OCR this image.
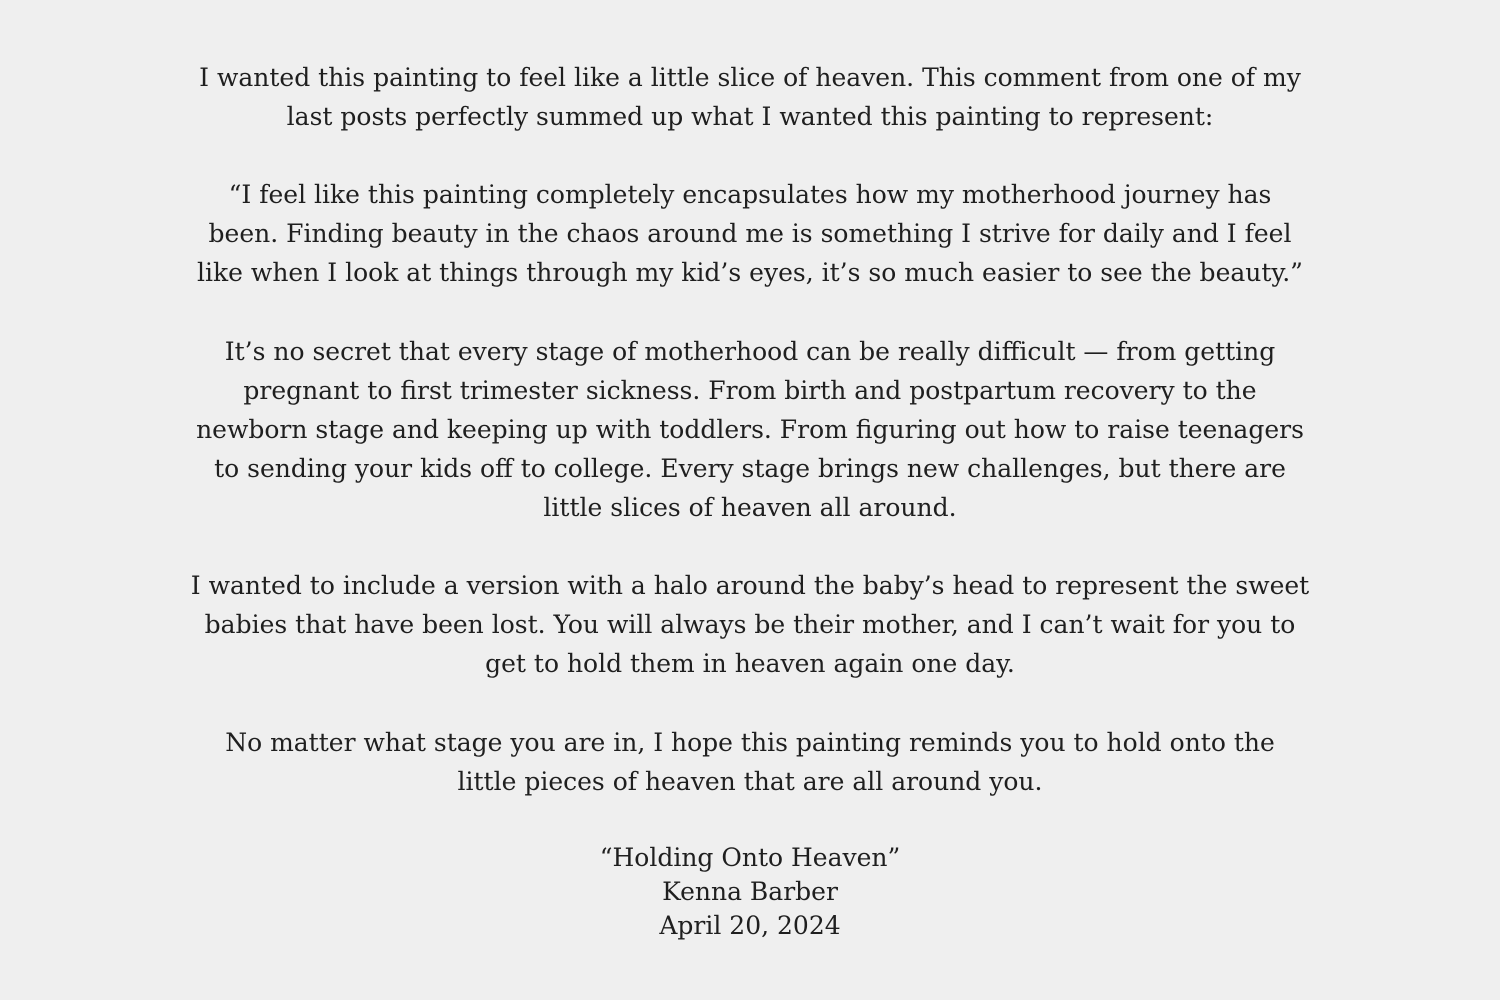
I wanted this painting to feel like a little slice of heaven. This comment from one of my
last posts perfectly summed up what I wanted this painting to represent:
“I feel like this painting completely encapsulates how my motherhood journey has
been. Finding beauty in the chaos around me is something I strive for daily and I feel
like when I look at things through my kid’s eyes, it’s so much easier to see the beauty.”
It’s no secret that every stage of motherhood can be really difficult — from getting
pregnant to first trimester sickness. From birth and postpartum recovery to the
newborn stage and keeping up with toddlers. From figuring out how to raise teenagers
to sending your kids off to college. Every stage brings new challenges, but there are
little slices of heaven all around.
I wanted to include a version with a halo around the baby’s head to represent the sweet
babies that have been lost. You will always be their mother, and I can’t wait for you to
get to hold them in heaven again one day.
No matter what stage you are in, I hope this painting reminds you to hold onto the
little pieces of heaven that are all around you.
“Holding Onto Heaven”
Kenna Barber
April 20, 2024
